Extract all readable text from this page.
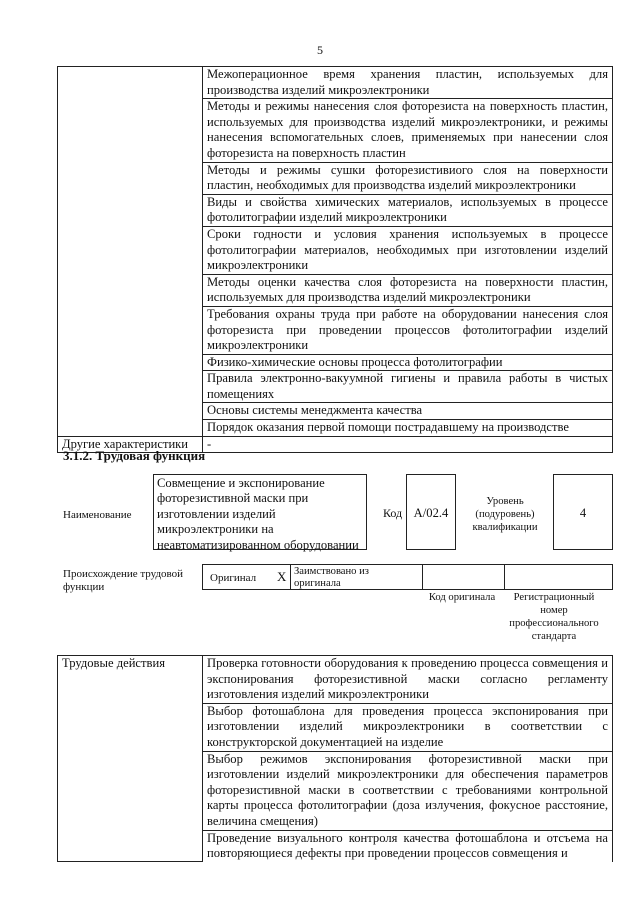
5
	Межоперационное время хранения пластин, используемых для производства изделий микроэлектроники
	Методы и режимы нанесения слоя фоторезиста на поверхность пластин, используемых для производства изделий микроэлектроники, и режимы нанесения вспомогательных слоев, применяемых при нанесении слоя фоторезиста на поверхность пластин
	Методы и режимы сушки фоторезистивиого слоя на поверхности пластин, необходимых для производства изделий микроэлектроники
	Виды и свойства химических материалов, используемых в процессе фотолитографии изделий микроэлектроники
	Сроки годности и условия хранения используемых в процессе фотолитографии материалов, необходимых при изготовлении изделий микроэлектроники
	Методы оценки качества слоя фоторезиста на поверхности пластин, используемых для производства изделий микроэлектроники
	Требования охраны труда при работе на оборудовании нанесения слоя фоторезиста при проведении процессов фотолитографии изделий микроэлектроники
	Физико-химические основы процесса фотолитографии
	Правила электронно-вакуумной гигиены и правила работы в чистых помещениях
	Основы системы менеджмента качества
	Порядок оказания первой помощи пострадавшему на производстве
Другие характеристики	-
3.1.2. Трудовая функция
Наименование
Совмещение и экспонирование фоторезистивной маски при изготовлении изделий микроэлектроники на неавтоматизированном оборудовании
Код A/02.4
Уровень (подуровень) квалификации
4
Происхождение трудовой функции
Оригинал X Заимствовано из оригинала
Код оригинала	Регистрационный номер профессионального стандарта
Трудовые действия	Проверка готовности оборудования к проведению процесса совмещения и экспонирования фоторезистивной маски согласно регламенту изготовления изделий микроэлектроники
Выбор фотошаблона для проведения процесса экспонирования при изготовлении изделий микроэлектроники в соответствии с конструкторской документацией на изделие
Выбор режимов экспонирования фоторезистивной маски при изготовлении изделий микроэлектроники для обеспечения параметров фоторезистивной маски в соответствии с требованиями контрольной карты процесса фотолитографии (доза излучения, фокусное расстояние, величина смещения)
Проведение визуального контроля качества фотошаблона и отсъема на повторяющиеся дефекты при проведении процессов совмещения и
